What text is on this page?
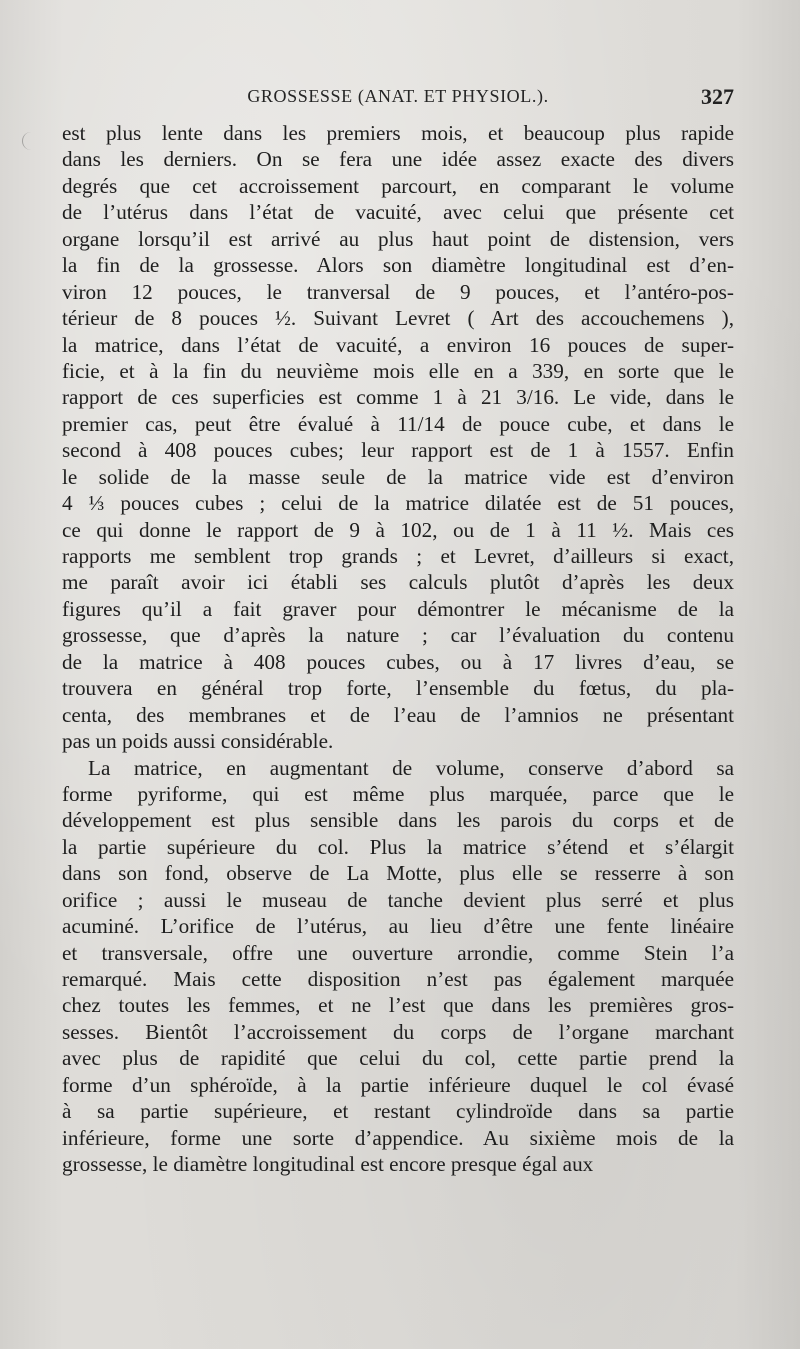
GROSSESSE (ANAT. ET PHYSIOL.).	327
est plus lente dans les premiers mois, et beaucoup plus rapide
dans les derniers. On se fera une idée assez exacte des divers
degrés que cet accroissement parcourt, en comparant le volume
de l’utérus dans l’état de vacuité, avec celui que présente cet
organe lorsqu’il est arrivé au plus haut point de distension, vers
la fin de la grossesse. Alors son diamètre longitudinal est d’en-
viron 12 pouces, le tranversal de 9 pouces, et l’antéro-pos-
térieur de 8 pouces ½. Suivant Levret ( Art des accouchemens ),
la matrice, dans l’état de vacuité, a environ 16 pouces de super-
ficie, et à la fin du neuvième mois elle en a 339, en sorte que le
rapport de ces superficies est comme 1 à 21 3/16. Le vide, dans le
premier cas, peut être évalué à 11/14 de pouce cube, et dans le
second à 408 pouces cubes; leur rapport est de 1 à 1557. Enfin
le solide de la masse seule de la matrice vide est d’environ
4 ⅓ pouces cubes ; celui de la matrice dilatée est de 51 pouces,
ce qui donne le rapport de 9 à 102, ou de 1 à 11 ½. Mais ces
rapports me semblent trop grands ; et Levret, d’ailleurs si exact,
me paraît avoir ici établi ses calculs plutôt d’après les deux
figures qu’il a fait graver pour démontrer le mécanisme de la
grossesse, que d’après la nature ; car l’évaluation du contenu
de la matrice à 408 pouces cubes, ou à 17 livres d’eau, se
trouvera en général trop forte, l’ensemble du fœtus, du pla-
centa, des membranes et de l’eau de l’amnios ne présentant
pas un poids aussi considérable.
La matrice, en augmentant de volume, conserve d’abord sa
forme pyriforme, qui est même plus marquée, parce que le
développement est plus sensible dans les parois du corps et de
la partie supérieure du col. Plus la matrice s’étend et s’élargit
dans son fond, observe de La Motte, plus elle se resserre à son
orifice ; aussi le museau de tanche devient plus serré et plus
acuminé. L’orifice de l’utérus, au lieu d’être une fente linéaire
et transversale, offre une ouverture arrondie, comme Stein l’a
remarqué. Mais cette disposition n’est pas également marquée
chez toutes les femmes, et ne l’est que dans les premières gros-
sesses. Bientôt l’accroissement du corps de l’organe marchant
avec plus de rapidité que celui du col, cette partie prend la
forme d’un sphéroïde, à la partie inférieure duquel le col évasé
à sa partie supérieure, et restant cylindroïde dans sa partie
inférieure, forme une sorte d’appendice. Au sixième mois de la
grossesse, le diamètre longitudinal est encore presque égal aux
